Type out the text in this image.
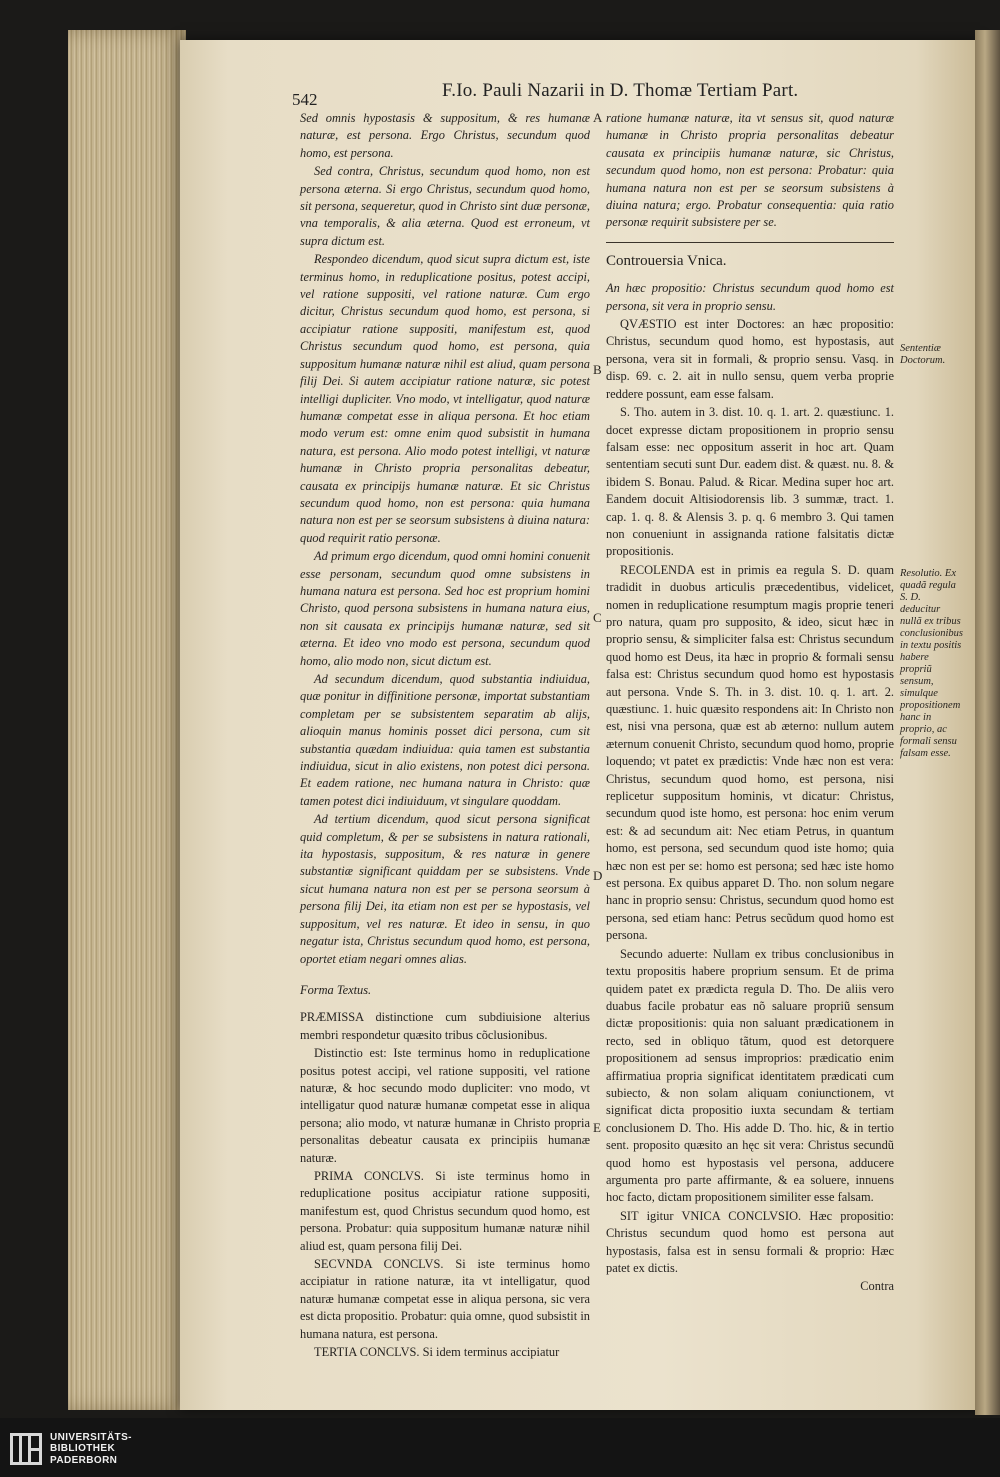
542	F.Io. Pauli Nazarii in D. Thomæ Tertiam Part.

Sed omnis hypostasis & suppositum, & res humanæ naturæ, est persona. Ergo Christus, secundum quod homo, est persona.

Sed contra, Christus, secundum quod homo, non est persona æterna. Si ergo Christus, secundum quod homo, sit persona, sequeretur, quod in Christo sint duæ personæ, vna temporalis, & alia æterna. Quod est erroneum, vt supra dictum est.

Respondeo dicendum, quod sicut supra dictum est, iste terminus homo, in reduplicatione positus, potest accipi, vel ratione suppositi, vel ratione naturæ. Cum ergo dicitur, Christus secundum quod homo, est persona, si accipiatur ratione suppositi, manifestum est, quod Christus secundum quod homo, est persona, quia suppositum humanæ naturæ nihil est aliud, quam persona filij Dei. Si autem accipiatur ratione naturæ, sic potest intelligi dupliciter. Vno modo, vt intelligatur, quod naturæ humanæ competat esse in aliqua persona. Et hoc etiam modo verum est: omne enim quod subsistit in humana natura, est persona. Alio modo potest intelligi, vt naturæ humanæ in Christo propria personalitas debeatur, causata ex principijs humanæ naturæ. Et sic Christus secundum quod homo, non est persona: quia humana natura non est per se seorsum subsistens à diuina natura: quod requirit ratio personæ.

Ad primum ergo dicendum, quod omni homini conuenit esse personam, secundum quod omne subsistens in humana natura est persona. Sed hoc est proprium homini Christo, quod persona subsistens in humana natura eius, non sit causata ex principijs humanæ naturæ, sed sit æterna. Et ideo vno modo est persona, secundum quod homo, alio modo non, sicut dictum est.

Ad secundum dicendum, quod substantia indiuidua, quæ ponitur in diffinitione personæ, importat substantiam completam per se subsistentem separatim ab alijs, alioquin manus hominis posset dici persona, cum sit substantia quædam indiuidua: quia tamen est substantia indiuidua, sicut in alio existens, non potest dici persona. Et eadem ratione, nec humana natura in Christo: quæ tamen potest dici indiuiduum, vt singulare quoddam.

Ad tertium dicendum, quod sicut persona significat quid completum, & per se subsistens in natura rationali, ita hypostasis, suppositum, & res naturæ in genere substantiæ significant quiddam per se subsistens. Vnde sicut humana natura non est per se persona seorsum à persona filij Dei, ita etiam non est per se hypostasis, vel suppositum, vel res naturæ. Et ideo in sensu, in quo negatur ista, Christus secundum quod homo, est persona, oportet etiam negari omnes alias.

Forma Textus.

PRÆMISSA distinctione cum subdiuisione alterius membri respondetur quæsito tribus cõclusionibus.

Distinctio est: Iste terminus homo in reduplicatione positus potest accipi, vel ratione suppositi, vel ratione naturæ, & hoc secundo modo dupliciter: vno modo, vt intelligatur quod naturæ humanæ competat esse in aliqua persona; alio modo, vt naturæ humanæ in Christo propria personalitas debeatur causata ex principiis humanæ naturæ.

PRIMA CONCLVS. Si iste terminus homo in reduplicatione positus accipiatur ratione suppositi, manifestum est, quod Christus secundum quod homo, est persona. Probatur: quia suppositum humanæ naturæ nihil aliud est, quam persona filij Dei.

SECVNDA CONCLVS. Si iste terminus homo accipiatur in ratione naturæ, ita vt intelligatur, quod naturæ humanæ competat esse in aliqua persona, sic vera est dicta propositio. Probatur: quia omne, quod subsistit in humana natura, est persona.

TERTIA CONCLVS. Si idem terminus accipiatur

ratione humanæ naturæ, ita vt sensus sit, quod naturæ humanæ in Christo propria personalitas debeatur causata ex principiis humanæ naturæ, sic Christus, secundum quod homo, non est persona: Probatur: quia humana natura non est per se seorsum subsistens à diuina natura; ergo. Probatur consequentia: quia ratio personæ requirit subsistere per se.

Controuersia Vnica.

An hæc propositio: Christus secundum quod homo est persona, sit vera in proprio sensu.

QVÆSTIO est inter Doctores: an hæc propositio: Christus, secundum quod homo, est hypostasis, aut persona, vera sit in formali, & proprio sensu. Vasq. in disp. 69. c. 2. ait in nullo sensu, quem verba proprie reddere possunt, eam esse falsam.

S. Tho. autem in 3. dist. 10. q. 1. art. 2. quæstiunc. 1. docet expresse dictam propositionem in proprio sensu falsam esse: nec oppositum asserit in hoc art. Quam sententiam secuti sunt Dur. eadem dist. & quæst. nu. 8. & ibidem S. Bonau. Palud. & Ricar. Medina super hoc art. Eandem docuit Altisiodorensis lib. 3 summæ, tract. 1. cap. 1. q. 8. & Alensis 3. p. q. 6 membro 3. Qui tamen non conueniunt in assignanda ratione falsitatis dictæ propositionis.

RECOLENDA est in primis ea regula S. D. quam tradidit in duobus articulis præcedentibus, videlicet, nomen in reduplicatione resumptum magis proprie teneri pro natura, quam pro supposito, & ideo, sicut hæc in proprio sensu, & simpliciter falsa est: Christus secundum quod homo est Deus, ita hæc in proprio & formali sensu falsa est: Christus secundum quod homo est hypostasis aut persona. Vnde S. Th. in 3. dist. 10. q. 1. art. 2. quæstiunc. 1. huic quæsito respondens ait: In Christo non est, nisi vna persona, quæ est ab æterno: nullum autem æternum conuenit Christo, secundum quod homo, proprie loquendo; vt patet ex prædictis: Vnde hæc non est vera: Christus, secundum quod homo, est persona, nisi replicetur suppositum hominis, vt dicatur: Christus, secundum quod iste homo, est persona: hoc enim verum est: & ad secundum ait: Nec etiam Petrus, in quantum homo, est persona, sed secundum quod iste homo; quia hæc non est per se: homo est persona; sed hæc iste homo est persona. Ex quibus apparet D. Tho. non solum negare hanc in proprio sensu: Christus, secundum quod homo est persona, sed etiam hanc: Petrus secũdum quod homo est persona.

Secundo aduerte: Nullam ex tribus conclusionibus in textu propositis habere proprium sensum. Et de prima quidem patet ex prædicta regula D. Tho. De aliis vero duabus facile probatur eas nõ saluare propriũ sensum dictæ propositionis: quia non saluant prædicationem in recto, sed in obliquo tãtum, quod est detorquere propositionem ad sensus improprios: prædicatio enim affirmatiua propria significat identitatem prædicati cum subiecto, & non solam aliquam coniunctionem, vt significat dicta propositio iuxta secundam & tertiam conclusionem D. Tho. His adde D. Tho. hic, & in tertio sent. proposito quæsito an hęc sit vera: Christus secundũ quod homo est hypostasis vel persona, adducere argumenta pro parte affirmante, & ea soluere, innuens hoc facto, dictam propositionem similiter esse falsam.

SIT igitur VNICA CONCLVSIO. Hæc propositio: Christus secundum quod homo est persona aut hypostasis, falsa est in sensu formali & proprio: Hæc patet ex dictis.

Contra

A
B
C
D
E
Sententiæ Doctorum.
Resolutio. Ex quadã regula S. D. deducitur nullã ex tribus conclusionibus in textu positis habere propriũ sensum, simulque propositionem hanc in proprio, ac formali sensu falsam esse.
UNIVERSITÄTS-
BIBLIOTHEK
PADERBORN
